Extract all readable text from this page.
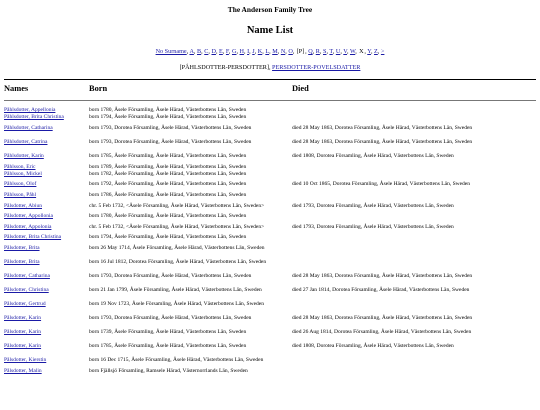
The Anderson Family Tree
Name List
No Surname, A, B, C, D, E, F, G, H, I, J, K, L, M, N, O, [P], Q, R, S, T, U, V, W, X, Y, Z, >
[PÅHLSDOTTER-PERSDOTTER], PERSDOTTER-POVELSDATTER
Names	Born	Died

Påhlsdotter, Appellonia	born 1780, Åsele Församling, Åsele Härad, Västerbottens Län, Sweden	
Påhlsdotter, Brita Christina	born 1794, Åsele Församling, Åsele Härad, Västerbottens Län, Sweden	
Påhlsdotter, Catharina	born 1793, Dorotea Församling, Åsele Härad, Västerbottens Län, Sweden	died 28 May 1863, Dorotea Församling, Åsele Härad, Västerbottens Län, Sweden
Påhlsdotter, Catrina	born 1793, Dorotea Församling, Åsele Härad, Västerbottens Län, Sweden	died 28 May 1863, Dorotea Församling, Åsele Härad, Västerbottens Län, Sweden
Påhlsdotter, Karin	born 1785, Åsele Församling, Åsele Härad, Västerbottens Län, Sweden	died 1808, Dorotea Församling, Åsele Härad, Västerbottens Län, Sweden
Påhlsson, Eric	born 1789, Åsele Församling, Åsele Härad, Västerbottens Län, Sweden	
Påhlsson, Mickel	born 1782, Åsele Församling, Åsele Härad, Västerbottens Län, Sweden	
Påhlsson, Olof	born 1792, Åsele Församling, Åsele Härad, Västerbottens Län, Sweden	died 10 Oct 1865, Dorotea Församling, Åsele Härad, Västerbottens Län, Sweden
Påhlsson, Påhl	born 1786, Åsele Församling, Åsele Härad, Västerbottens Län, Sweden	
Pålsdotter, Abiun	chr. 5 Feb 1732, <Åsele Församling, Åsele Härad, Västerbottens Län, Sweden>	died 1793, Dorotea Församling, Åsele Härad, Västerbottens Län, Sweden
Pålsdotter, Appollonia	born 1780, Åsele Församling, Åsele Härad, Västerbottens Län, Sweden	
Pålsdotter, Appolonia	chr. 5 Feb 1732, <Åsele Församling, Åsele Härad, Västerbottens Län, Sweden>	died 1793, Dorotea Församling, Åsele Härad, Västerbottens Län, Sweden
Pålsdotter, Brita Christina	born 1794, Åsele Församling, Åsele Härad, Västerbottens Län, Sweden	
Pålsdotter, Brita	born 26 May 1714, Åsele Församling, Åsele Härad, Västerbottens Län, Sweden	
Pålsdotter, Brita	born 16 Jul 1812, Dorotea Församling, Åsele Härad, Västerbottens Län, Sweden	
Pålsdotter, Catharina	born 1793, Dorotea Församling, Åsele Härad, Västerbottens Län, Sweden	died 28 May 1863, Dorotea Församling, Åsele Härad, Västerbottens Län, Sweden
Pålsdotter, Christina	born 21 Jan 1799, Åsele Församling, Åsele Härad, Västerbottens Län, Sweden	died 27 Jan 1814, Dorotea Församling, Åsele Härad, Västerbottens Län, Sweden
Pålsdotter, Gertrud	born 19 Nov 1723, Åsele Församling, Åsele Härad, Västerbottens Län, Sweden	
Pålsdotter, Karin	born 1793, Dorotea Församling, Åsele Härad, Västerbottens Län, Sweden	died 28 May 1863, Dorotea Församling, Åsele Härad, Västerbottens Län, Sweden
Pålsdotter, Karin	born 1739, Åsele Församling, Åsele Härad, Västerbottens Län, Sweden	died 26 Aug 1814, Dorotea Församling, Åsele Härad, Västerbottens Län, Sweden
Pålsdotter, Karin	born 1785, Åsele Församling, Åsele Härad, Västerbottens Län, Sweden	died 1808, Dorotea Församling, Åsele Härad, Västerbottens Län, Sweden
Pålsdotter, Kierstin	born 16 Dec 1715, Åsele Församling, Åsele Härad, Västerbottens Län, Sweden	
Pålsdotter, Malin	born Fjällsjö Församling, Ramsele Härad, Västernorrlands Län, Sweden	
